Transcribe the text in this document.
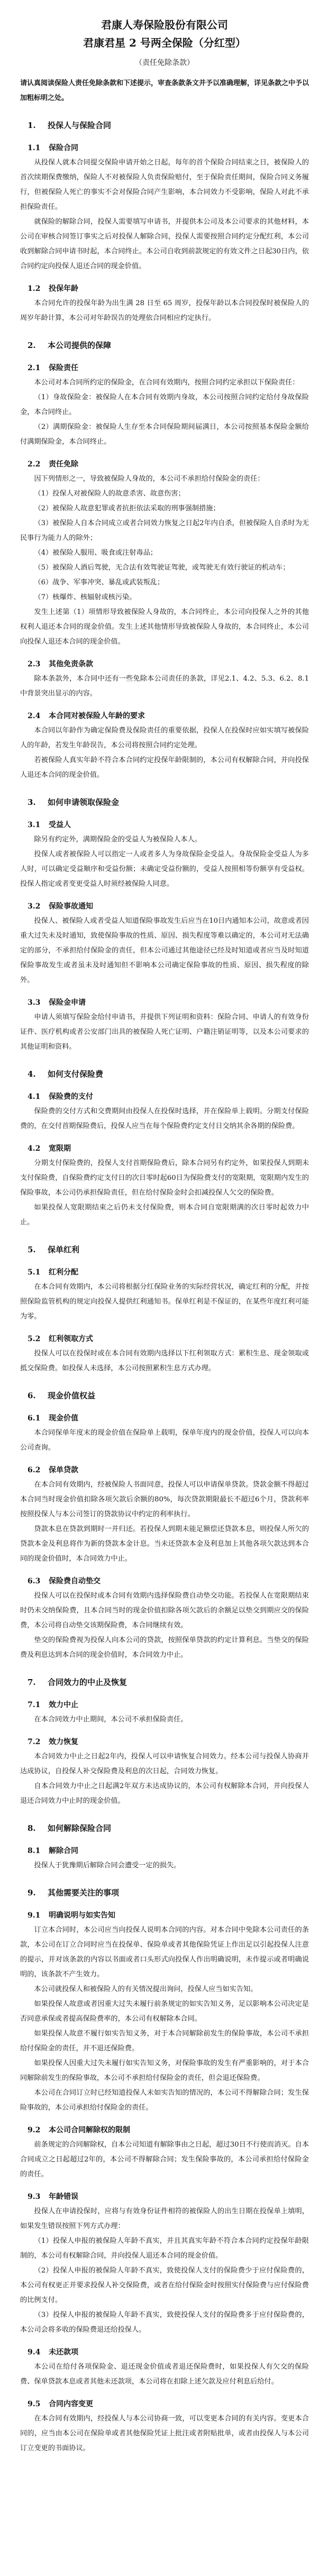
君康人寿保险股份有限公司
君康君星 2 号两全保险（分红型）
（责任免除条款）
请认真阅读保险人责任免除条款和下述提示，审查条款条文并予以准确理解，详见条款之中予以加粗标明之处。
1.	投保人与保险合同
1.1	保险合同

从投保人就本合同提交保险申请开始之日起，每年的首个保险合同结束之日，被保险人的首次续期保费缴纳，保险人不对被保险人负责保险赔付，至于保险责任期间，保险合同义务履行，但被保险人死亡的事实不会对保险合同产生影响，本合同效力不受影响，保险人对此不承担保险责任。

就保险的解除合同，投保人需要填写申请书，并提供本公司及本公司要求的其他材料，本公司在审核合同签订事实之后对投保人解除合同，投保人需要按照合同约定分配红利，本公司收到解除合同申请书时起，本合同终止。本公司自收到前款规定的有效文件之日起30日内，依合同约定向投保人退还合同的现金价值。

1.2	投保年龄

本合同允许的投保年龄为出生满 28 日至 65 周岁，投保年龄以本合同投保时被保险人的周岁年龄计算，本公司对年龄误告的处理依合同相应约定执行。

2.	本公司提供的保障
2.1	保险责任

本公司对本合同所约定的保险金，在合同有效期内，按照合同约定承担以下保险责任：

（1）身故保险金：被保险人在本合同有效期内身故，本公司按照合同约定给付身故保险金，本合同终止。

（2）满期保险金：被保险人生存至本合同保险期间届满日，本公司按照基本保险金额给付满期保险金，本合同终止。

2.2	责任免除

因下列情形之一，导致被保险人身故的，本公司不承担给付保险金的责任：

（1）投保人对被保险人的故意杀害、故意伤害；

（2）被保险人故意犯罪或者抗拒依法采取的刑事强制措施；

（3）被保险人自本合同成立或者合同效力恢复之日起2年内自杀，但被保险人自杀时为无民事行为能力人的除外；

（4）被保险人服用、吸食或注射毒品；

（5）被保险人酒后驾驶，无合法有效驾驶证驾驶，或驾驶无有效行驶证的机动车；

（6）战争、军事冲突、暴乱或武装叛乱；

（7）核爆炸、核辐射或核污染。

发生上述第（1）项情形导致被保险人身故的，本合同终止，本公司向投保人之外的其他权利人退还本合同的现金价值。发生上述其他情形导致被保险人身故的，本合同终止，本公司向投保人退还本合同的现金价值。

2.3	其他免责条款

除本条款外，本合同中还有一些免除本公司责任的条款，详见2.1、4.2、5.3、6.2、8.1中背景突出显示的内容。

2.4	本合同对被保险人年龄的要求

本合同以年龄作为确定保险费及保险责任的重要依据，投保人在投保时应如实填写被保险人的年龄，若发生年龄误告，本公司将按照合同约定处理。

若被保险人真实年龄不符合本合同约定投保年龄限制的，本公司有权解除合同，并向投保人退还本合同的现金价值。

3.	如何申请领取保险金
3.1	受益人

除另有约定外，满期保险金的受益人为被保险人本人。

投保人或者被保险人可以指定一人或者多人为身故保险金受益人。身故保险金受益人为多人时，可以确定受益顺序和受益份额；未确定受益份额的，受益人按照相等份额享有受益权。投保人指定或者变更受益人时须经被保险人同意。

3.2	保险事故通知

投保人、被保险人或者受益人知道保险事故发生后应当在10日内通知本公司，故意或者因重大过失未及时通知，致使保险事故的性质、原因、损失程度等难以确定的，本公司对无法确定的部分，不承担给付保险金的责任，但本公司通过其他途径已经及时知道或者应当及时知道保险事故发生或者虽未及时通知但不影响本公司确定保险事故的性质、原因、损失程度的除外。

3.3	保险金申请

申请人须填写保险金给付申请书，并提供下列证明和资料：保险合同、申请人的有效身份证件、医疗机构或者公安部门出具的被保险人死亡证明、户籍注销证明等，以及本公司要求的其他证明和资料。

4.	如何支付保险费
4.1	保险费的支付

保险费的交付方式和交费期间由投保人在投保时选择，并在保险单上载明。分期支付保险费的，在交付首期保险费后，投保人应当在每个保险费约定支付日交纳其余各期的保险费。

4.2	宽限期

分期支付保险费的，投保人支付首期保险费后，除本合同另有约定外，如果投保人到期未支付保险费，自保险费约定支付日的次日零时起60日为保险费支付的宽限期，宽限期内发生的保险事故，本公司仍承担保险责任，但在给付保险金时会扣减投保人欠交的保险费。

如果投保人宽限期结束之后仍未支付保险费，则本合同自宽限期满的次日零时起效力中止。

5.	保单红利
5.1	红利分配

在本合同有效期内，本公司将根据分红保险业务的实际经营状况，确定红利的分配，并按照保险监管机构的规定向投保人提供红利通知书。保单红利是不保证的，在某些年度红利可能为零。

5.2	红利领取方式

投保人可以在投保时或在本合同有效期内选择以下红利领取方式：累积生息、现金领取或抵交保险费。如投保人未选择，本公司按照累积生息方式办理。

6.	现金价值权益
6.1	现金价值

本合同保单年度末的现金价值在保险单上载明，保单年度内的现金价值，投保人可以向本公司查询。

6.2	保单贷款

在本合同有效期内，经被保险人书面同意，投保人可以申请保单贷款。贷款金额不得超过本合同当时现金价值扣除各项欠款后余额的80%，每次贷款期限最长不超过6个月，贷款利率按照投保人与本公司签订的贷款协议中约定的利率执行。

贷款本息在贷款到期时一并归还。若投保人到期未能足额偿还贷款本息，则投保人所欠的贷款本金及利息将作为新的贷款本金计息。当未还贷款本金及利息加上其他各项欠款达到本合同的现金价值时，本合同效力中止。

6.3	保险费自动垫交

投保人可以在投保时或本合同有效期内选择保险费自动垫交功能。若投保人在宽限期结束时仍未交纳保险费，且本合同当时的现金价值扣除各项欠款后的余额足以垫交到期应交的保险费，本公司将自动垫交该期保险费，本合同继续有效。

垫交的保险费视为投保人向本公司的贷款，按照保单贷款的约定计算利息。当垫交的保险费及利息达到本合同的现金价值时，本合同效力中止。

7.	合同效力的中止及恢复
7.1	效力中止

在本合同效力中止期间，本公司不承担保险责任。

7.2	效力恢复

本合同效力中止之日起2年内，投保人可以申请恢复合同效力。经本公司与投保人协商并达成协议，自投保人补交保险费及利息的次日起，合同效力恢复。

自本合同效力中止之日起满2年双方未达成协议的，本公司有权解除本合同，并向投保人退还合同效力中止时的现金价值。

8.	如何解除保险合同
8.1	解除合同

投保人于犹豫期后解除合同会遭受一定的损失。

9.	其他需要关注的事项
9.1	明确说明与如实告知

订立本合同时，本公司应当向投保人说明本合同的内容。对本合同中免除本公司责任的条款，本公司在订立合同时应当在投保单、保险单或者其他保险凭证上作出足以引起投保人注意的提示，并对该条款的内容以书面或者口头形式向投保人作出明确说明，未作提示或者明确说明的，该条款不产生效力。

本公司就投保人和被保险人的有关情况提出询问，投保人应当如实告知。

如果投保人故意或者因重大过失未履行前条规定的如实告知义务，足以影响本公司决定是否同意承保或者提高保险费率的，本公司有权解除本合同。

如果投保人故意不履行如实告知义务，对于本合同解除前发生的保险事故，本公司不承担给付保险金的责任，并不退还保险费。

如果投保人因重大过失未履行如实告知义务，对保险事故的发生有严重影响的，对于本合同解除前发生的保险事故，本公司不承担给付保险金的责任，但会退还保险费。

本公司在合同订立时已经知道投保人未如实告知的情况的，本公司不得解除合同；发生保险事故的，本公司承担给付保险金的责任。

9.2	本公司合同解除权的限制

前条规定的合同解除权，自本公司知道有解除事由之日起，超过30日不行使而消灭。自本合同成立之日起超过2年的，本公司不得解除合同；发生保险事故的，本公司承担给付保险金的责任。

9.3	年龄错误

投保人在申请投保时，应将与有效身份证件相符的被保险人的出生日期在投保单上填明，如果发生错误按照下列方式办理：

（1）投保人申报的被保险人年龄不真实，并且其真实年龄不符合本合同约定投保年龄限制的，本公司有权解除合同，并向投保人退还本合同的现金价值。

（2）投保人申报的被保险人年龄不真实，致使投保人支付的保险费少于应付保险费的，本公司有权更正并要求投保人补交保险费，或者在给付保险金时按照实付保险费与应付保险费的比例支付。

（3）投保人申报的被保险人年龄不真实，致使投保人支付的保险费多于应付保险费的，本公司会将多收的保险费退还给投保人。

9.4	未还款项

本公司在给付各项保险金、退还现金价值或者退还保险费时，如果投保人有欠交的保险费、保单贷款本息或者其他未还款项，本公司将在扣除上述欠款及应付利息后给付。

9.5	合同内容变更

在本合同有效期内，经投保人与本公司协商一致，可以变更本合同的有关内容。变更本合同的，应当由本公司在保险单或者其他保险凭证上批注或者附贴批单，或者由投保人与本公司订立变更的书面协议。
